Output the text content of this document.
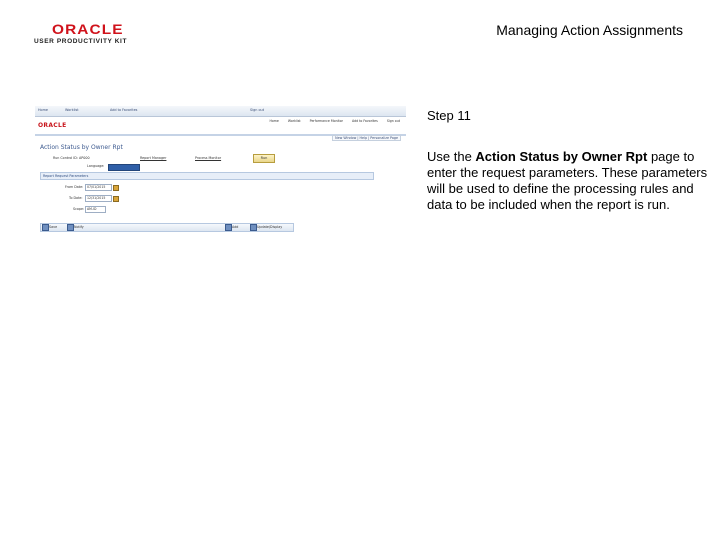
ORACLE
USER PRODUCTIVITY KIT
Managing Action Assignments
Home	Worklist	Add to Favorites	Sign out
ORACLE
Home	Worklist	Performance Monitor	Add to Favorites	Sign out
New Window | Help | Personalize Page
Action Status by Owner Rpt
Run Control ID: AP000	Report Manager	Process Monitor	Run
Language:
Report Request Parameters
From Date:	07/01/2015
To Date:	12/31/2015
Scope: AM-ID
Save	Notify	Add	Update/Display
Step 11
Use the Action Status by Owner Rpt page to enter the request parameters. These parameters will be used to define the processing rules and data to be included when the report is run.
